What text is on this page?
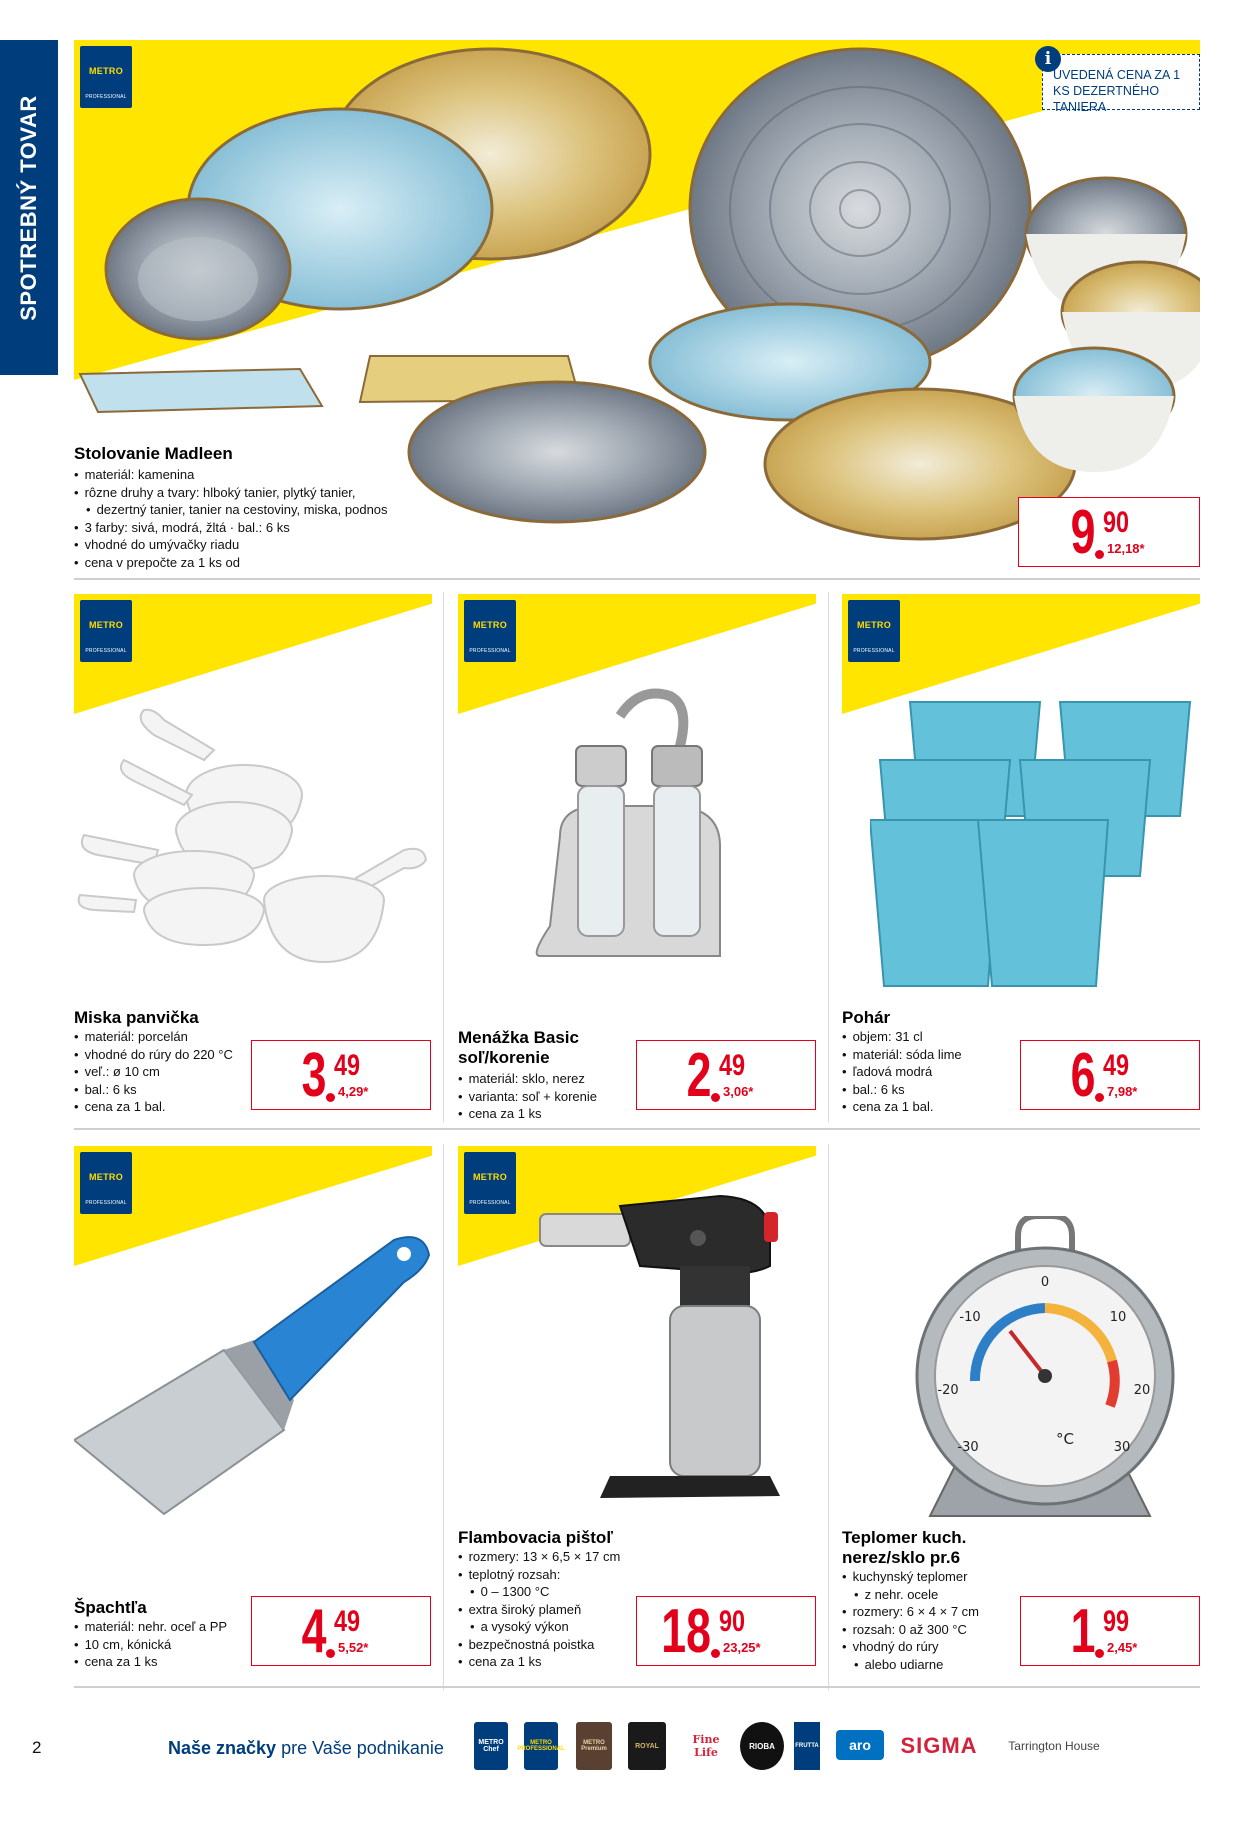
SPOTREBNÝ TOVAR
METRO
PROFESSIONAL
i
UVEDENÁ CENA ZA 1 KS DEZERTNÉHO TANIERA
Stolovanie Madleen
• materiál: kamenina
• rôzne druhy a tvary: hlboký tanier, plytký tanier,
• dezertný tanier, tanier na cestoviny, miska, podnos
• 3 farby: sivá, modrá, žltá · bal.: 6 ks
• vhodné do umývačky riadu
• cena v prepočte za 1 ks od	9 90
12,18*
METRO
PROFESSIONAL
METRO
PROFESSIONAL
METRO
PROFESSIONAL
Miska panvička
• materiál: porcelán
• vhodné do rúry do 220 °C
• veľ.: ø 10 cm
• bal.: 6 ks
• cena za 1 bal.	3 49
4,29*
Menážka Basic soľ/korenie
• materiál: sklo, nerez
• varianta: soľ + korenie
• cena za 1 ks
2 49
3,06*
Pohár
• objem: 31 cl
• materiál: sóda lime
• ľadová modrá
• bal.: 6 ks
• cena za 1 bal.	6 49
7,98*
METRO
PROFESSIONAL
METRO
PROFESSIONAL
-30
-20
-10
0
10
20
30
°C
Špachtľa
• materiál: nehr. oceľ a PP
• 10 cm, kónická
• cena za 1 ks	4 49
5,52*
Flambovacia pištoľ
• rozmery: 13 × 6,5 × 17 cm
• teplotný rozsah:
• 0 – 1300 °C
• extra široký plameň
• a vysoký výkon
• bezpečnostná poistka
• cena za 1 ks	18 90
23,25*
Teplomer kuch. nerez/sklo pr.6
• kuchynský teplomer
• z nehr. ocele
• rozmery: 6 × 4 × 7 cm
• rozsah: 0 až 300 °C
• vhodný do rúry
• alebo udiarne	1 99
2,45*
2	Naše značky pre Vaše podnikanie	METRO Chef
METRO PROFESSIONAL
METRO Premium	ROYAL	Fine Life	RIOBA	FRUTTA aro SIGMA	Tarrington House
